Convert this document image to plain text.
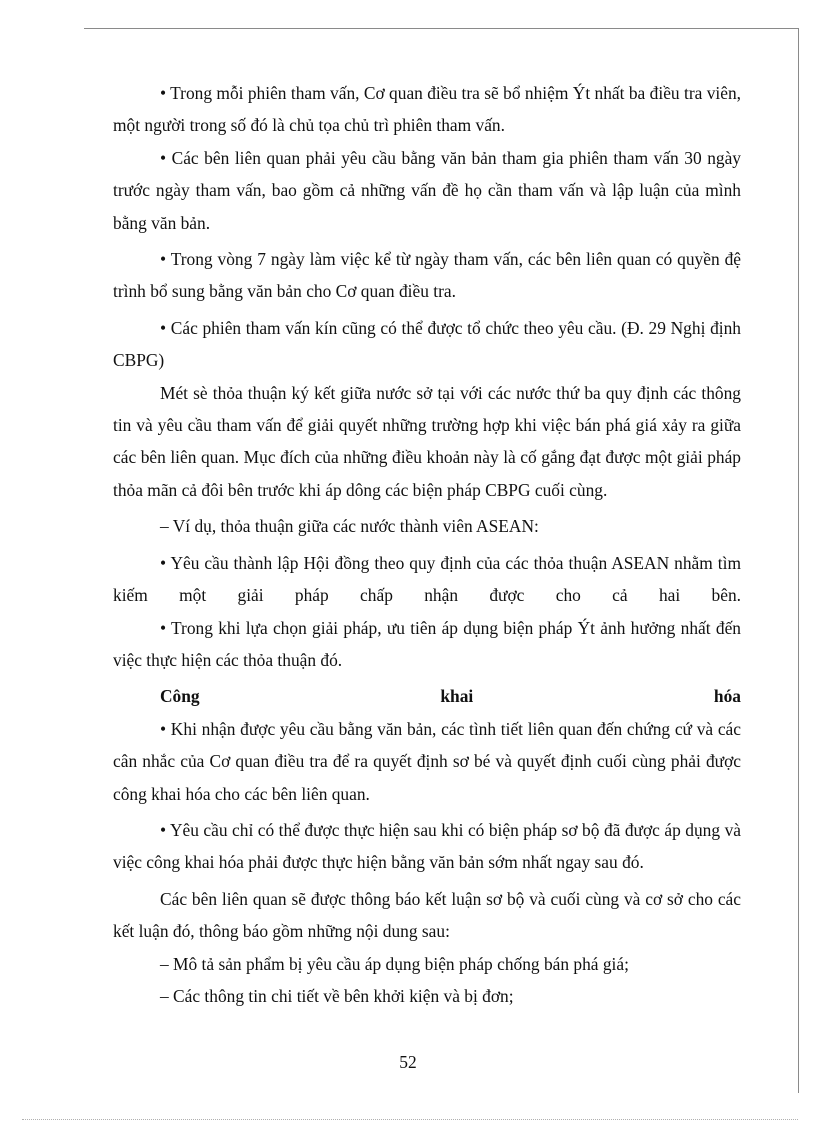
• Trong mỗi phiên tham vấn, Cơ quan điều tra sẽ bổ nhiệm Ýt nhất ba điều tra viên, một người trong số đó là chủ tọa chủ trì phiên tham vấn.

• Các bên liên quan phải yêu cầu bằng văn bản tham gia phiên tham vấn 30 ngày trước ngày tham vấn, bao gồm cả những vấn đề họ cần tham vấn và lập luận của mình bằng văn bản.

• Trong vòng 7 ngày làm việc kể từ ngày tham vấn, các bên liên quan có quyền đệ trình bổ sung bằng văn bản cho Cơ quan điều tra.

• Các phiên tham vấn kín cũng có thể được tổ chức theo yêu cầu. (Đ. 29 Nghị định CBPG)

Mét sè thỏa thuận ký kết giữa nước sở tại với các nước thứ ba quy định các thông tin và yêu cầu tham vấn để giải quyết những trường hợp khi việc bán phá giá xảy ra giữa các bên liên quan. Mục đích của những điều khoản này là cố gắng đạt được một giải pháp thỏa mãn cả đôi bên trước khi áp dông các biện pháp CBPG cuối cùng.

– Ví dụ, thỏa thuận giữa các nước thành viên ASEAN:

• Yêu cầu thành lập Hội đồng theo quy định của các thỏa thuận ASEAN nhằm tìm kiếm một giải pháp chấp nhận được cho cả hai bên.

• Trong khi lựa chọn giải pháp, ưu tiên áp dụng biện pháp Ýt ảnh hưởng nhất đến việc thực hiện các thỏa thuận đó.

Công khai hóa

• Khi nhận được yêu cầu bằng văn bản, các tình tiết liên quan đến chứng cứ và các cân nhắc của Cơ quan điều tra để ra quyết định sơ bé và quyết định cuối cùng phải được công khai hóa cho các bên liên quan.

• Yêu cầu chỉ có thể được thực hiện sau khi có biện pháp sơ bộ đã được áp dụng và việc công khai hóa phải được thực hiện bằng văn bản sớm nhất ngay sau đó.

Các bên liên quan sẽ được thông báo kết luận sơ bộ và cuối cùng và cơ sở cho các kết luận đó, thông báo gồm những nội dung sau:

– Mô tả sản phẩm bị yêu cầu áp dụng biện pháp chống bán phá giá;

– Các thông tin chi tiết về bên khởi kiện và bị đơn;

52
